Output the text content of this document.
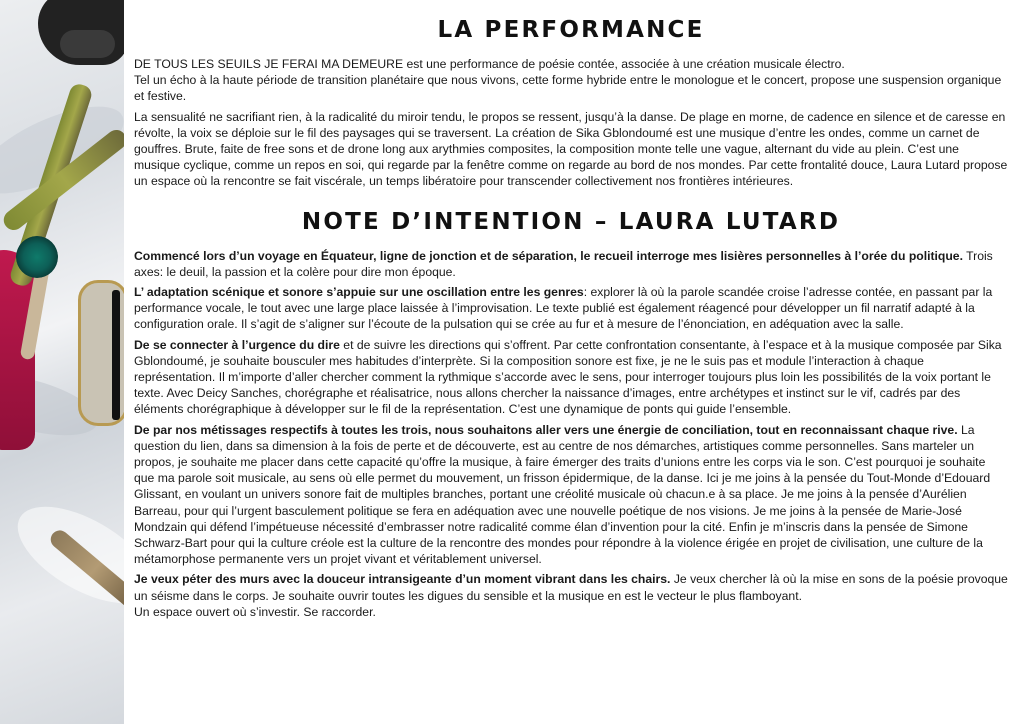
LA PERFORMANCE

DE TOUS LES SEUILS JE FERAI MA DEMEURE est une performance de poésie contée, associée à une création musicale électro.

Tel un écho à la haute période de transition planétaire que nous vivons, cette forme hybride entre le monologue et le concert, propose une suspension organique et festive.

La sensualité ne sacrifiant rien, à la radicalité du miroir tendu, le propos se ressent, jusqu’à la danse. De plage en morne, de cadence en silence et de caresse en révolte, la voix se déploie sur le fil des paysages qui se traversent. La création de Sika Gblondoumé est une musique d’entre les ondes, comme un carnet de gouffres. Brute, faite de free sons et de drone long aux arythmies composites, la composition monte telle une vague, alternant du vide au plein. C’est une musique cyclique, comme un repos en soi, qui regarde par la fenêtre comme on regarde au bord de nos mondes. Par cette frontalité douce, Laura Lutard propose un espace où la rencontre se fait viscérale, un temps libératoire pour transcender collectivement nos frontières intérieures.

NOTE D’INTENTION – LAURA LUTARD

Commencé lors d’un voyage en Équateur, ligne de jonction et de séparation, le recueil interroge mes lisières personnelles à l’orée du politique. Trois axes: le deuil, la passion et la colère pour dire mon époque.

L’ adaptation scénique et sonore s’appuie sur une oscillation entre les genres: explorer là où la parole scandée croise l’adresse contée, en passant par la performance vocale, le tout avec une large place laissée à l’improvisation. Le texte publié est également réagencé pour développer un fil narratif adapté à la configuration orale. Il s’agit de s’aligner sur l’écoute de la pulsation qui se crée au fur et à mesure de l’énonciation, en adéquation avec la salle.

De se connecter à l’urgence du dire et de suivre les directions qui s’offrent. Par cette confrontation consentante, à l’espace et à la musique composée par Sika Gblondoumé, je souhaite bousculer mes habitudes d’interprète. Si la composition sonore est fixe, je ne le suis pas et module l’interaction à chaque représentation. Il m’importe d’aller chercher comment la rythmique s’accorde avec le sens, pour interroger toujours plus loin les possibilités de la voix portant le texte. Avec Deicy Sanches, chorégraphe et réalisatrice, nous allons chercher la naissance d’images, entre archétypes et instinct sur le vif, cadrés par des éléments chorégraphique à développer sur le fil de la représentation. C’est une dynamique de ponts qui guide l’ensemble.

De par nos métissages respectifs à toutes les trois, nous souhaitons aller vers une énergie de conciliation, tout en reconnaissant chaque rive. La question du lien, dans sa dimension à la fois de perte et de découverte, est au centre de nos démarches, artistiques comme personnelles. Sans marteler un propos, je souhaite me placer dans cette capacité qu’offre la musique, à faire émerger des traits d’unions entre les corps via le son. C’est pourquoi je souhaite que ma parole soit musicale, au sens où elle permet du mouvement, un frisson épidermique, de la danse. Ici je me joins à la pensée du Tout-Monde d’Edouard Glissant, en voulant un univers sonore fait de multiples branches, portant une créolité musicale où chacun.e à sa place. Je me joins à la pensée d’Aurélien Barreau, pour qui l’urgent basculement politique se fera en adéquation avec une nouvelle poétique de nos visions. Je me joins à la pensée de Marie-José Mondzain qui défend l’impétueuse nécessité d’embrasser notre radicalité comme élan d’invention pour la cité. Enfin je m’inscris dans la pensée de Simone Schwarz-Bart pour qui la culture créole est la culture de la rencontre des mondes pour répondre à la violence érigée en projet de civilisation, une culture de la métamorphose permanente vers un projet vivant et véritablement universel.

Je veux péter des murs avec la douceur intransigeante d’un moment vibrant dans les chairs. Je veux chercher là où la mise en sons de la poésie provoque un séisme dans le corps. Je souhaite ouvrir toutes les digues du sensible et la musique en est le vecteur le plus flamboyant.

Un espace ouvert où s’investir. Se raccorder.
